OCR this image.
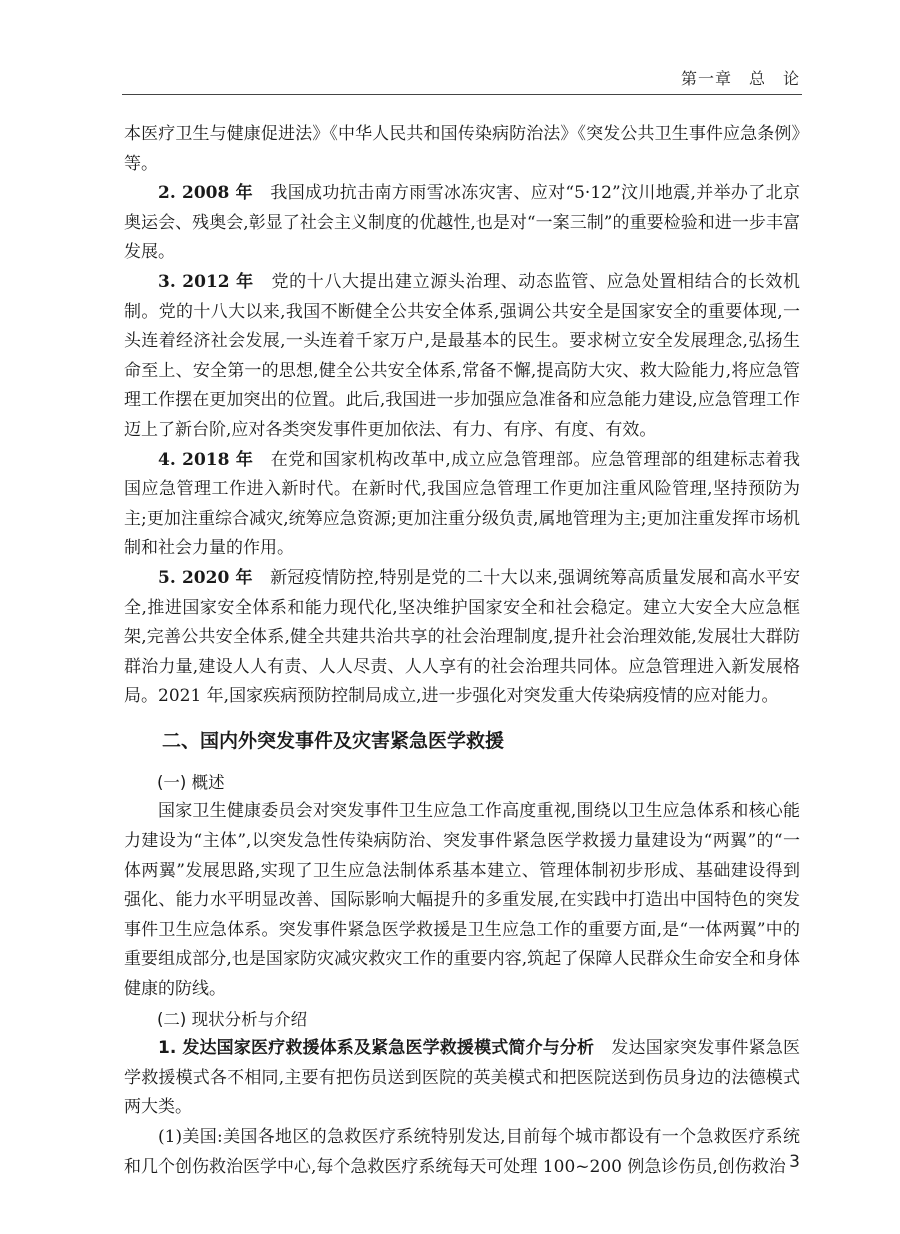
第一章　总　论

本医疗卫生与健康促进法》《中华人民共和国传染病防治法》《突发公共卫生事件应急条例》等。

2. 2008 年　 我国成功抗击南方雨雪冰冻灾害、应对“5·12”汶川地震,并举办了北京奥运会、残奥会,彰显了社会主义制度的优越性,也是对“一案三制”的重要检验和进一步丰富发展。

3. 2012 年　 党的十八大提出建立源头治理、动态监管、应急处置相结合的长效机制。党的十八大以来,我国不断健全公共安全体系,强调公共安全是国家安全的重要体现,一头连着经济社会发展,一头连着千家万户,是最基本的民生。要求树立安全发展理念,弘扬生命至上、安全第一的思想,健全公共安全体系,常备不懈,提高防大灾、救大险能力,将应急管理工作摆在更加突出的位置。此后,我国进一步加强应急准备和应急能力建设,应急管理工作迈上了新台阶,应对各类突发事件更加依法、有力、有序、有度、有效。

4. 2018 年　 在党和国家机构改革中,成立应急管理部。应急管理部的组建标志着我国应急管理工作进入新时代。在新时代,我国应急管理工作更加注重风险管理,坚持预防为主;更加注重综合减灾,统筹应急资源;更加注重分级负责,属地管理为主;更加注重发挥市场机制和社会力量的作用。

5. 2020 年　 新冠疫情防控,特别是党的二十大以来,强调统筹高质量发展和高水平安全,推进国家安全体系和能力现代化,坚决维护国家安全和社会稳定。建立大安全大应急框架,完善公共安全体系,健全共建共治共享的社会治理制度,提升社会治理效能,发展壮大群防群治力量,建设人人有责、人人尽责、人人享有的社会治理共同体。应急管理进入新发展格局。2021 年,国家疾病预防控制局成立,进一步强化对突发重大传染病疫情的应对能力。

二、国内外突发事件及灾害紧急医学救援

(一) 概述

国家卫生健康委员会对突发事件卫生应急工作高度重视,围绕以卫生应急体系和核心能力建设为“主体”,以突发急性传染病防治、突发事件紧急医学救援力量建设为“两翼”的“一体两翼”发展思路,实现了卫生应急法制体系基本建立、管理体制初步形成、基础建设得到强化、能力水平明显改善、国际影响大幅提升的多重发展,在实践中打造出中国特色的突发事件卫生应急体系。突发事件紧急医学救援是卫生应急工作的重要方面,是“一体两翼”中的重要组成部分,也是国家防灾减灾救灾工作的重要内容,筑起了保障人民群众生命安全和身体健康的防线。

(二) 现状分析与介绍

1. 发达国家医疗救援体系及紧急医学救援模式简介与分析　 发达国家突发事件紧急医学救援模式各不相同,主要有把伤员送到医院的英美模式和把医院送到伤员身边的法德模式两大类。

(1)美国:美国各地区的急救医疗系统特别发达,目前每个城市都设有一个急救医疗系统和几个创伤救治医学中心,每个急救医疗系统每天可处理 100~200 例急诊伤员,创伤救治 3
